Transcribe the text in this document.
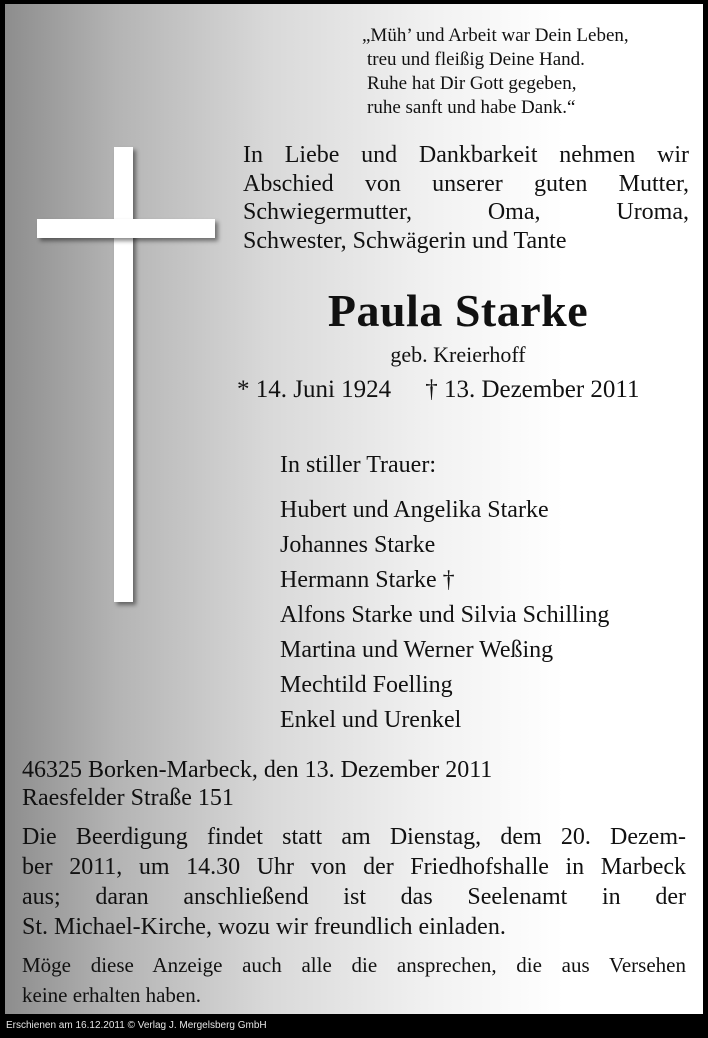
„Müh’ und Arbeit war Dein Leben,
treu und fleißig Deine Hand.
Ruhe hat Dir Gott gegeben,
ruhe sanft und habe Dank.“
In Liebe und Dankbarkeit nehmen wir
Abschied von unserer guten Mutter,
Schwiegermutter, Oma, Uroma,
Schwester, Schwägerin und Tante
Paula Starke
geb. Kreierhoff
* 14. Juni 1924 † 13. Dezember 2011
In stiller Trauer:
Hubert und Angelika Starke
Johannes Starke
Hermann Starke †
Alfons Starke und Silvia Schilling
Martina und Werner Weßing
Mechtild Foelling
Enkel und Urenkel
46325 Borken-Marbeck, den 13. Dezember 2011
Raesfelder Straße 151
Die Beerdigung findet statt am Dienstag, dem 20. Dezem-
ber 2011, um 14.30 Uhr von der Friedhofshalle in Marbeck
aus; daran anschließend ist das Seelenamt in der
St. Michael-Kirche, wozu wir freundlich einladen.
Möge diese Anzeige auch alle die ansprechen, die aus Versehen
keine erhalten haben.
Erschienen am 16.12.2011 © Verlag J. Mergelsberg GmbH
